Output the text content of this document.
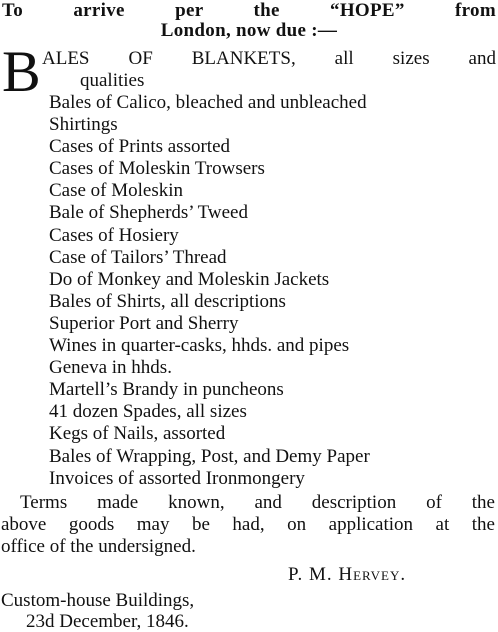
To arrive per the “HOPE” from
London, now due :—
B ALES OF BLANKETS, all sizes and
qualities
Bales of Calico, bleached and unbleached
Shirtings
Cases of Prints assorted
Cases of Moleskin Trowsers
Case of Moleskin
Bale of Shepherds’ Tweed
Cases of Hosiery
Case of Tailors’ Thread
Do of Monkey and Moleskin Jackets
Bales of Shirts, all descriptions
Superior Port and Sherry
Wines in quarter-casks, hhds. and pipes
Geneva in hhds.
Martell’s Brandy in puncheons
41 dozen Spades, all sizes
Kegs of Nails, assorted
Bales of Wrapping, Post, and Demy Paper
Invoices of assorted Ironmongery
Terms made known, and description of the
above goods may be had, on application at the
office of the undersigned.
P. M. Hervey.
Custom-house Buildings,
23d December, 1846.
